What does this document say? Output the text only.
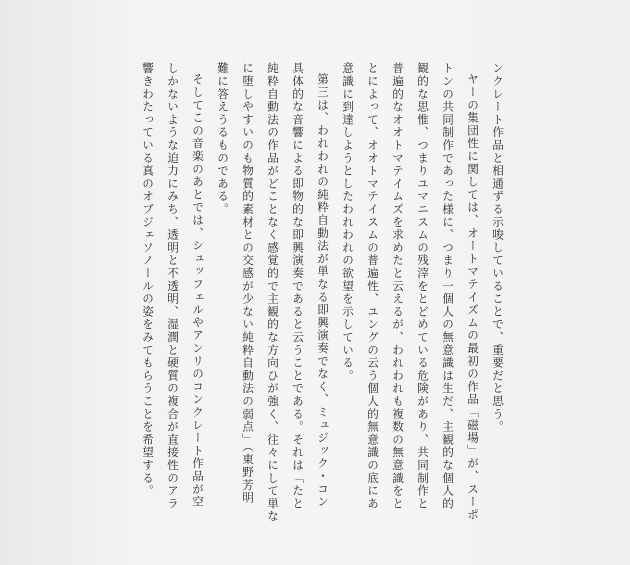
ンクレート作品と相通ずる示唆していることで、重要だと思う。
ヤーの集団性に関しては、オートマテイズムの最初の作品「磁場」が、スーポ
トンの共同制作であった様に、つまり一個人の無意識は生だ、主観的な個人的
観的な思惟、つまりユマニスムの残滓をとどめている危険があり、共同制作と
普遍的なオオトマテイムズを求めたと云えるが、われわれも複数の無意識をと
とによって、オオトマテイスムの普遍性、ユングの云う個人的無意識の底にあ
意識に到達しようとしたわれわれの欲望を示している。
第三は、われわれの純粋自動法が単なる即興演奏でなく、ミュジック・コン
具体的な音響による即物的な即興演奏であると云うことである。それは「たと
純粋自動法の作品がどことなく感覚的で主観的な方向ひが強く、往々にして単な
に堕しやすいのも物質的素材との交感が少ない純粋自動法の弱点」（東野芳明
難に答えうるものである。
そしてこの音楽のあとでは、シュッフェルやアンリのコンクレート作品が空
しかないような迫力にみち、透明と不透明、湿潤と硬質の複合が直接性のアラ
響きわたっている真のオブジェソノールの姿をみてもらうことを希望する。
